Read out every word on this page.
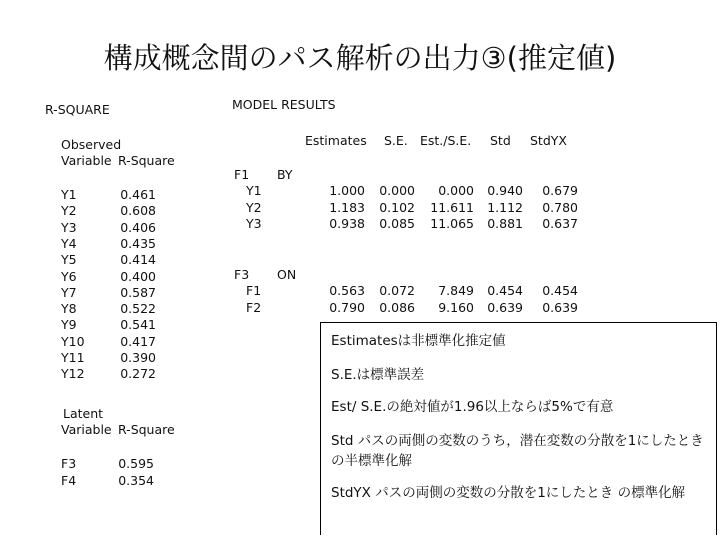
構成概念間のパス解析の出力③(推定値)
R-SQUARE
Observed
Variable R-Square
Y1	0.461
Y2	0.608
Y3	0.406
Y4	0.435
Y5	0.414
Y6	0.400
Y7	0.587
Y8	0.522
Y9	0.541
Y10	0.417
Y11	0.390
Y12	0.272
Latent
Variable R-Square
F3	0.595
F4	0.354
MODEL RESULTS
Estimates S.E. Est./S.E. Std StdYX
F1 BY
Y1	1.000	0.000	0.000	0.940	0.679
Y2	1.183	0.102	11.611	1.112	0.780
Y3	0.938	0.085	11.065	0.881	0.637
F3 ON
F1	0.563	0.072	7.849	0.454	0.454
F2	0.790	0.086	9.160	0.639	0.639
Estimatesは非標準化推定値
S.E.は標準誤差
Est/ S.E.の絶対値が1.96以上ならば5%で有意
Std パスの両側の変数のうち，潜在変数の分散を1にしたときの半標準化解
StdYX パスの両側の変数の分散を1にしたとき の標準化解
